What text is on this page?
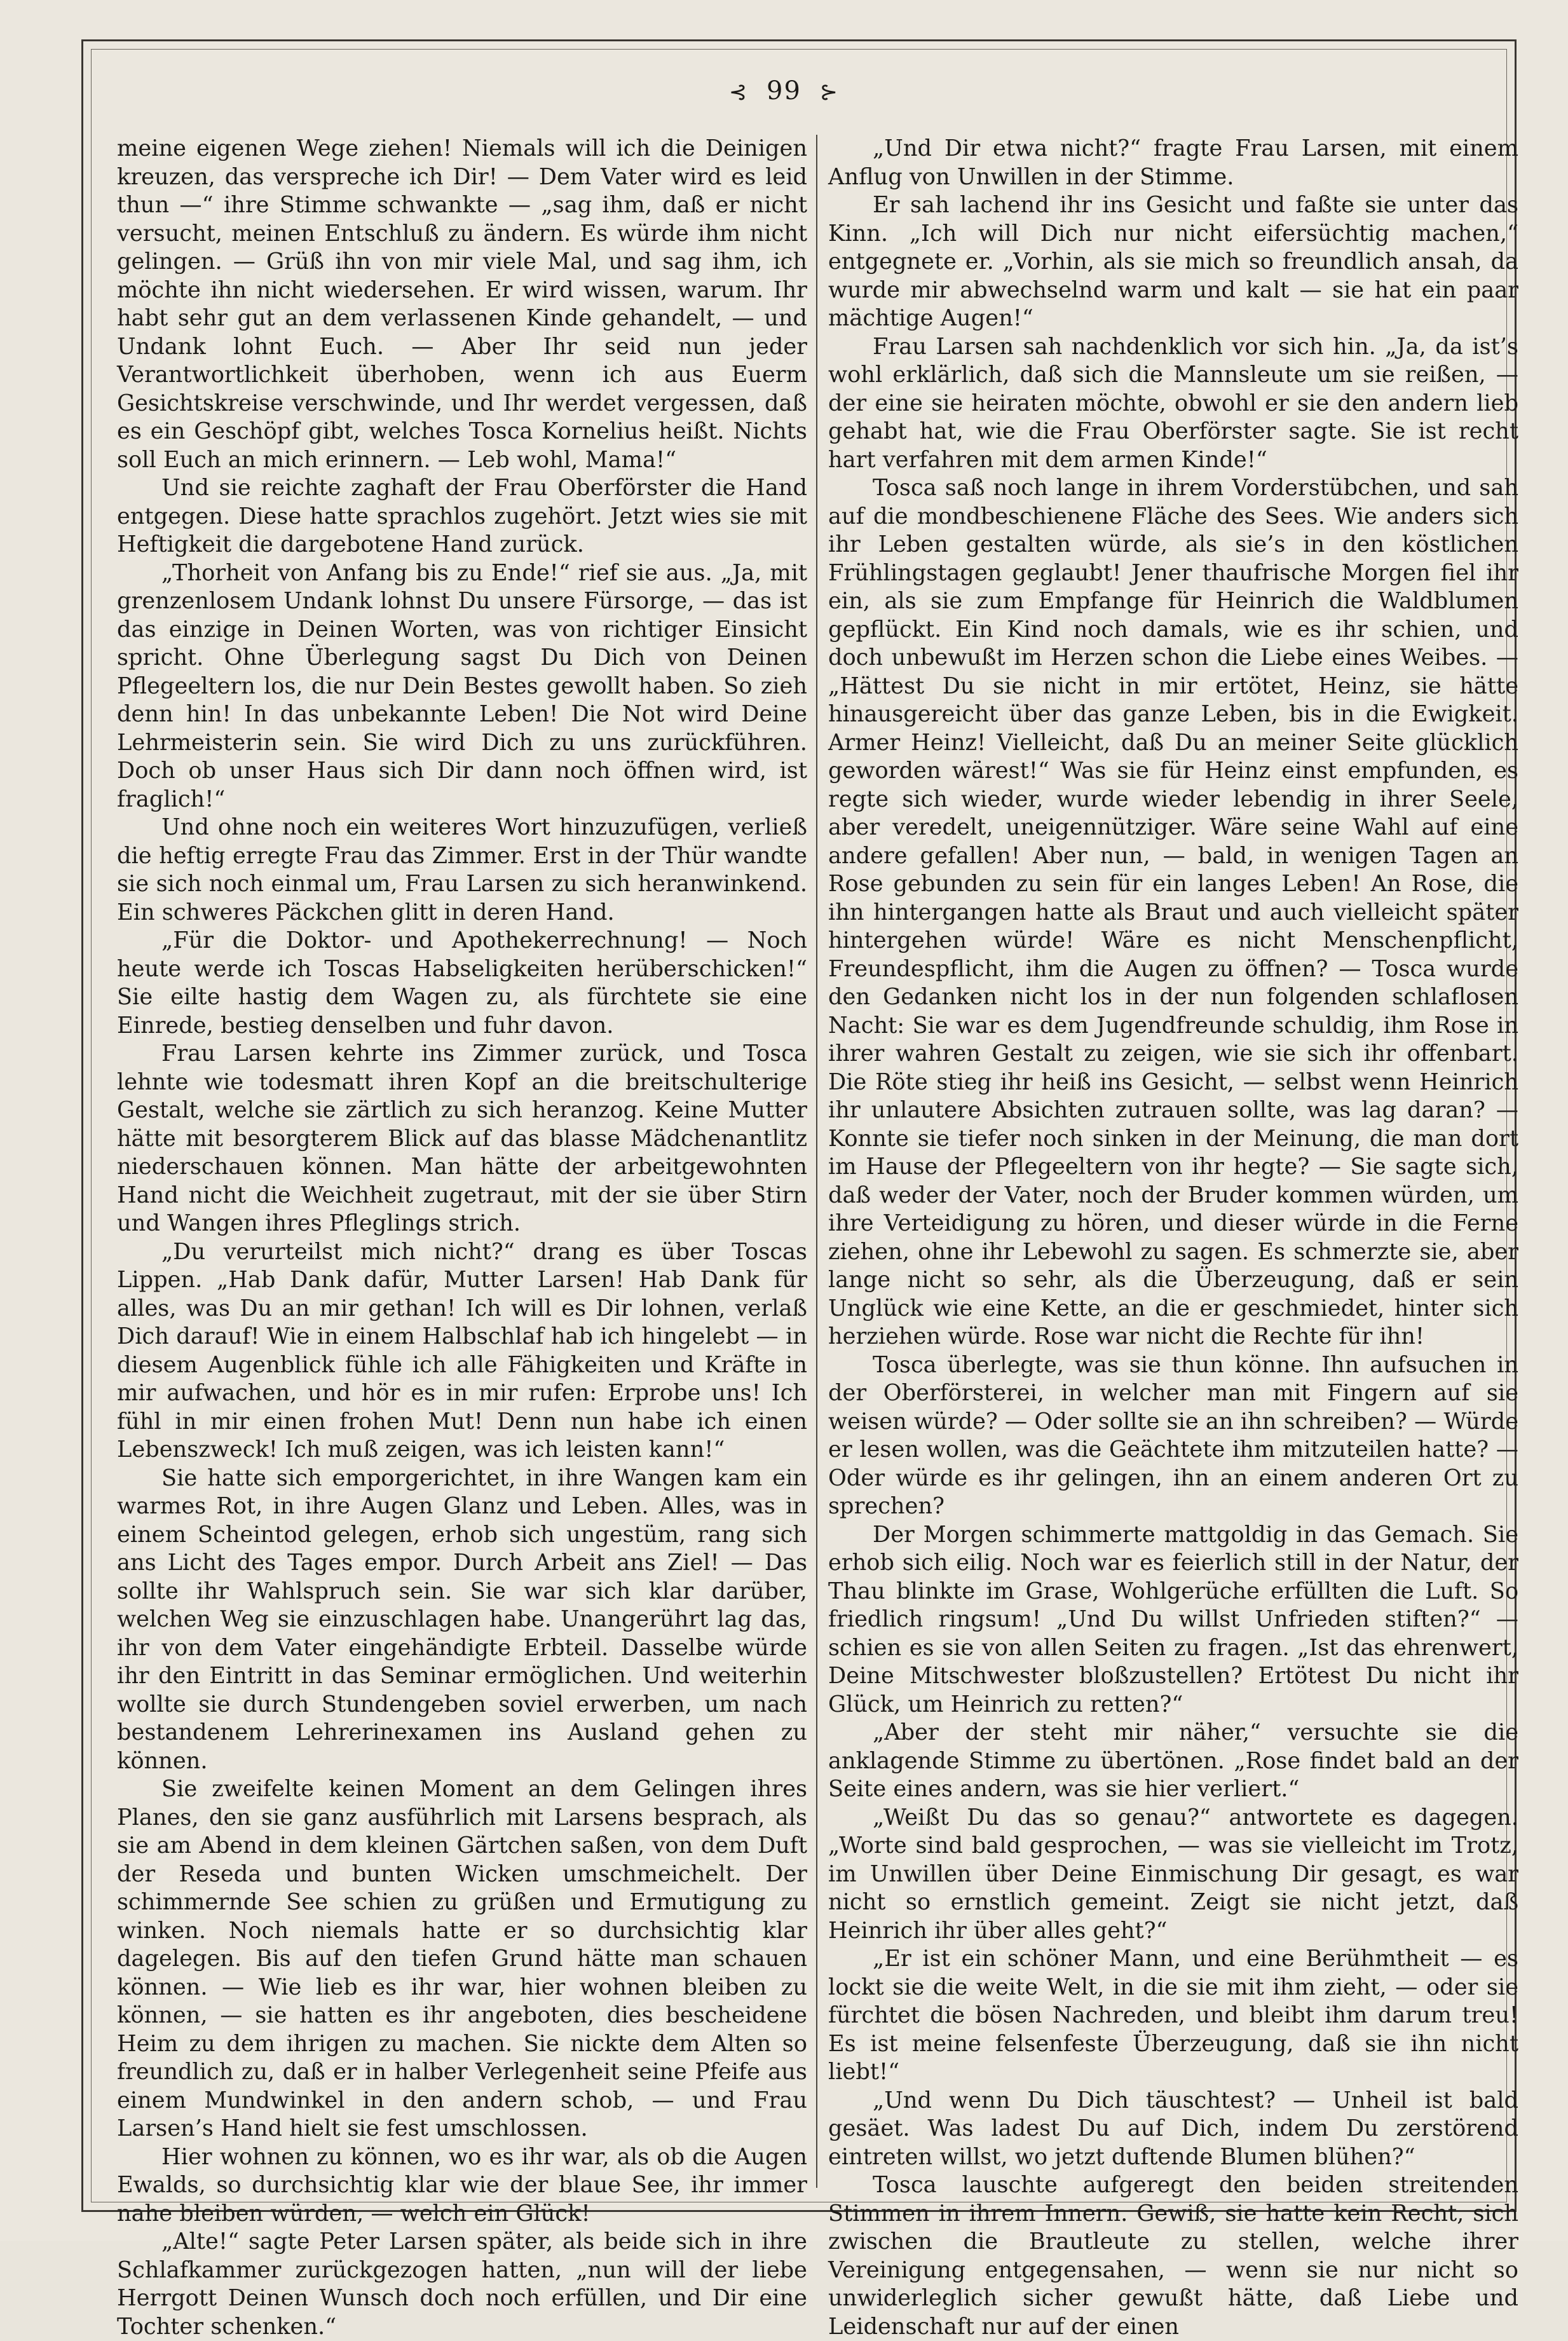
⊰ 99 ⊱

meine eigenen Wege ziehen! Niemals will ich die Deinigen kreuzen, das verspreche ich Dir! — Dem Vater wird es leid thun —“ ihre Stimme schwankte — „sag ihm, daß er nicht versucht, meinen Entschluß zu ändern. Es würde ihm nicht gelingen. — Grüß ihn von mir viele Mal, und sag ihm, ich möchte ihn nicht wiedersehen. Er wird wissen, warum. Ihr habt sehr gut an dem verlassenen Kinde gehandelt, — und Undank lohnt Euch. — Aber Ihr seid nun jeder Verantwortlichkeit überhoben, wenn ich aus Euerm Gesichtskreise verschwinde, und Ihr werdet vergessen, daß es ein Geschöpf gibt, welches Tosca Kornelius heißt. Nichts soll Euch an mich erinnern. — Leb wohl, Mama!“

Und sie reichte zaghaft der Frau Oberförster die Hand entgegen. Diese hatte sprachlos zugehört. Jetzt wies sie mit Heftigkeit die dargebotene Hand zurück.

„Thorheit von Anfang bis zu Ende!“ rief sie aus. „Ja, mit grenzenlosem Undank lohnst Du unsere Fürsorge, — das ist das einzige in Deinen Worten, was von richtiger Einsicht spricht. Ohne Überlegung sagst Du Dich von Deinen Pflegeeltern los, die nur Dein Bestes gewollt haben. So zieh denn hin! In das unbekannte Leben! Die Not wird Deine Lehrmeisterin sein. Sie wird Dich zu uns zurückführen. Doch ob unser Haus sich Dir dann noch öffnen wird, ist fraglich!“

Und ohne noch ein weiteres Wort hinzuzufügen, verließ die heftig erregte Frau das Zimmer. Erst in der Thür wandte sie sich noch einmal um, Frau Larsen zu sich heranwinkend. Ein schweres Päckchen glitt in deren Hand.

„Für die Doktor- und Apothekerrechnung! — Noch heute werde ich Toscas Habseligkeiten herüberschicken!“ Sie eilte hastig dem Wagen zu, als fürchtete sie eine Einrede, bestieg denselben und fuhr davon.

Frau Larsen kehrte ins Zimmer zurück, und Tosca lehnte wie todesmatt ihren Kopf an die breitschulterige Gestalt, welche sie zärtlich zu sich heranzog. Keine Mutter hätte mit besorgterem Blick auf das blasse Mädchenantlitz niederschauen können. Man hätte der arbeitgewohnten Hand nicht die Weichheit zugetraut, mit der sie über Stirn und Wangen ihres Pfleglings strich.

„Du verurteilst mich nicht?“ drang es über Toscas Lippen. „Hab Dank dafür, Mutter Larsen! Hab Dank für alles, was Du an mir gethan! Ich will es Dir lohnen, verlaß Dich darauf! Wie in einem Halbschlaf hab ich hingelebt — in diesem Augenblick fühle ich alle Fähigkeiten und Kräfte in mir aufwachen, und hör es in mir rufen: Erprobe uns! Ich fühl in mir einen frohen Mut! Denn nun habe ich einen Lebenszweck! Ich muß zeigen, was ich leisten kann!“

Sie hatte sich emporgerichtet, in ihre Wangen kam ein warmes Rot, in ihre Augen Glanz und Leben. Alles, was in einem Scheintod gelegen, erhob sich ungestüm, rang sich ans Licht des Tages empor. Durch Arbeit ans Ziel! — Das sollte ihr Wahlspruch sein. Sie war sich klar darüber, welchen Weg sie einzuschlagen habe. Unangerührt lag das, ihr von dem Vater eingehändigte Erbteil. Dasselbe würde ihr den Eintritt in das Seminar ermöglichen. Und weiterhin wollte sie durch Stundengeben soviel erwerben, um nach bestandenem Lehrerinexamen ins Ausland gehen zu können.

Sie zweifelte keinen Moment an dem Gelingen ihres Planes, den sie ganz ausführlich mit Larsens besprach, als sie am Abend in dem kleinen Gärtchen saßen, von dem Duft der Reseda und bunten Wicken umschmeichelt. Der schimmernde See schien zu grüßen und Ermutigung zu winken. Noch niemals hatte er so durchsichtig klar dagelegen. Bis auf den tiefen Grund hätte man schauen können. — Wie lieb es ihr war, hier wohnen bleiben zu können, — sie hatten es ihr angeboten, dies bescheidene Heim zu dem ihrigen zu machen. Sie nickte dem Alten so freundlich zu, daß er in halber Verlegenheit seine Pfeife aus einem Mundwinkel in den andern schob, — und Frau Larsen’s Hand hielt sie fest umschlossen.

Hier wohnen zu können, wo es ihr war, als ob die Augen Ewalds, so durchsichtig klar wie der blaue See, ihr immer nahe bleiben würden, — welch ein Glück!

„Alte!“ sagte Peter Larsen später, als beide sich in ihre Schlafkammer zurückgezogen hatten, „nun will der liebe Herrgott Deinen Wunsch doch noch erfüllen, und Dir eine Tochter schenken.“

„Und Dir etwa nicht?“ fragte Frau Larsen, mit einem Anflug von Unwillen in der Stimme.

Er sah lachend ihr ins Gesicht und faßte sie unter das Kinn. „Ich will Dich nur nicht eifersüchtig machen,“ entgegnete er. „Vorhin, als sie mich so freundlich ansah, da wurde mir abwechselnd warm und kalt — sie hat ein paar mächtige Augen!“

Frau Larsen sah nachdenklich vor sich hin. „Ja, da ist’s wohl erklärlich, daß sich die Mannsleute um sie reißen, — der eine sie heiraten möchte, obwohl er sie den andern lieb gehabt hat, wie die Frau Oberförster sagte. Sie ist recht hart verfahren mit dem armen Kinde!“

Tosca saß noch lange in ihrem Vorderstübchen, und sah auf die mondbeschienene Fläche des Sees. Wie anders sich ihr Leben gestalten würde, als sie’s in den köstlichen Frühlingstagen geglaubt! Jener thaufrische Morgen fiel ihr ein, als sie zum Empfange für Heinrich die Waldblumen gepflückt. Ein Kind noch damals, wie es ihr schien, und doch unbewußt im Herzen schon die Liebe eines Weibes. — „Hättest Du sie nicht in mir ertötet, Heinz, sie hätte hinausgereicht über das ganze Leben, bis in die Ewigkeit. Armer Heinz! Vielleicht, daß Du an meiner Seite glücklich geworden wärest!“ Was sie für Heinz einst empfunden, es regte sich wieder, wurde wieder lebendig in ihrer Seele, aber veredelt, uneigennütziger. Wäre seine Wahl auf eine andere gefallen! Aber nun, — bald, in wenigen Tagen an Rose gebunden zu sein für ein langes Leben! An Rose, die ihn hintergangen hatte als Braut und auch vielleicht später hintergehen würde! Wäre es nicht Menschenpflicht, Freundespflicht, ihm die Augen zu öffnen? — Tosca wurde den Gedanken nicht los in der nun folgenden schlaflosen Nacht: Sie war es dem Jugendfreunde schuldig, ihm Rose in ihrer wahren Gestalt zu zeigen, wie sie sich ihr offenbart. Die Röte stieg ihr heiß ins Gesicht, — selbst wenn Heinrich ihr unlautere Absichten zutrauen sollte, was lag daran? — Konnte sie tiefer noch sinken in der Meinung, die man dort im Hause der Pflegeeltern von ihr hegte? — Sie sagte sich, daß weder der Vater, noch der Bruder kommen würden, um ihre Verteidigung zu hören, und dieser würde in die Ferne ziehen, ohne ihr Lebewohl zu sagen. Es schmerzte sie, aber lange nicht so sehr, als die Überzeugung, daß er sein Unglück wie eine Kette, an die er geschmiedet, hinter sich herziehen würde. Rose war nicht die Rechte für ihn!

Tosca überlegte, was sie thun könne. Ihn aufsuchen in der Oberförsterei, in welcher man mit Fingern auf sie weisen würde? — Oder sollte sie an ihn schreiben? — Würde er lesen wollen, was die Geächtete ihm mitzuteilen hatte? — Oder würde es ihr gelingen, ihn an einem anderen Ort zu sprechen?

Der Morgen schimmerte mattgoldig in das Gemach. Sie erhob sich eilig. Noch war es feierlich still in der Natur, der Thau blinkte im Grase, Wohlgerüche erfüllten die Luft. So friedlich ringsum! „Und Du willst Unfrieden stiften?“ — schien es sie von allen Seiten zu fragen. „Ist das ehrenwert, Deine Mitschwester bloßzustellen? Ertötest Du nicht ihr Glück, um Heinrich zu retten?“

„Aber der steht mir näher,“ versuchte sie die anklagende Stimme zu übertönen. „Rose findet bald an der Seite eines andern, was sie hier verliert.“

„Weißt Du das so genau?“ antwortete es dagegen. „Worte sind bald gesprochen, — was sie vielleicht im Trotz, im Unwillen über Deine Einmischung Dir gesagt, es war nicht so ernstlich gemeint. Zeigt sie nicht jetzt, daß Heinrich ihr über alles geht?“

„Er ist ein schöner Mann, und eine Berühmtheit — es lockt sie die weite Welt, in die sie mit ihm zieht, — oder sie fürchtet die bösen Nachreden, und bleibt ihm darum treu! Es ist meine felsenfeste Überzeugung, daß sie ihn nicht liebt!“

„Und wenn Du Dich täuschtest? — Unheil ist bald gesäet. Was ladest Du auf Dich, indem Du zerstörend eintreten willst, wo jetzt duftende Blumen blühen?“

Tosca lauschte aufgeregt den beiden streitenden Stimmen in ihrem Innern. Gewiß, sie hatte kein Recht, sich zwischen die Brautleute zu stellen, welche ihrer Vereinigung entgegensahen, — wenn sie nur nicht so unwiderleglich sicher gewußt hätte, daß Liebe und Leidenschaft nur auf der einen
